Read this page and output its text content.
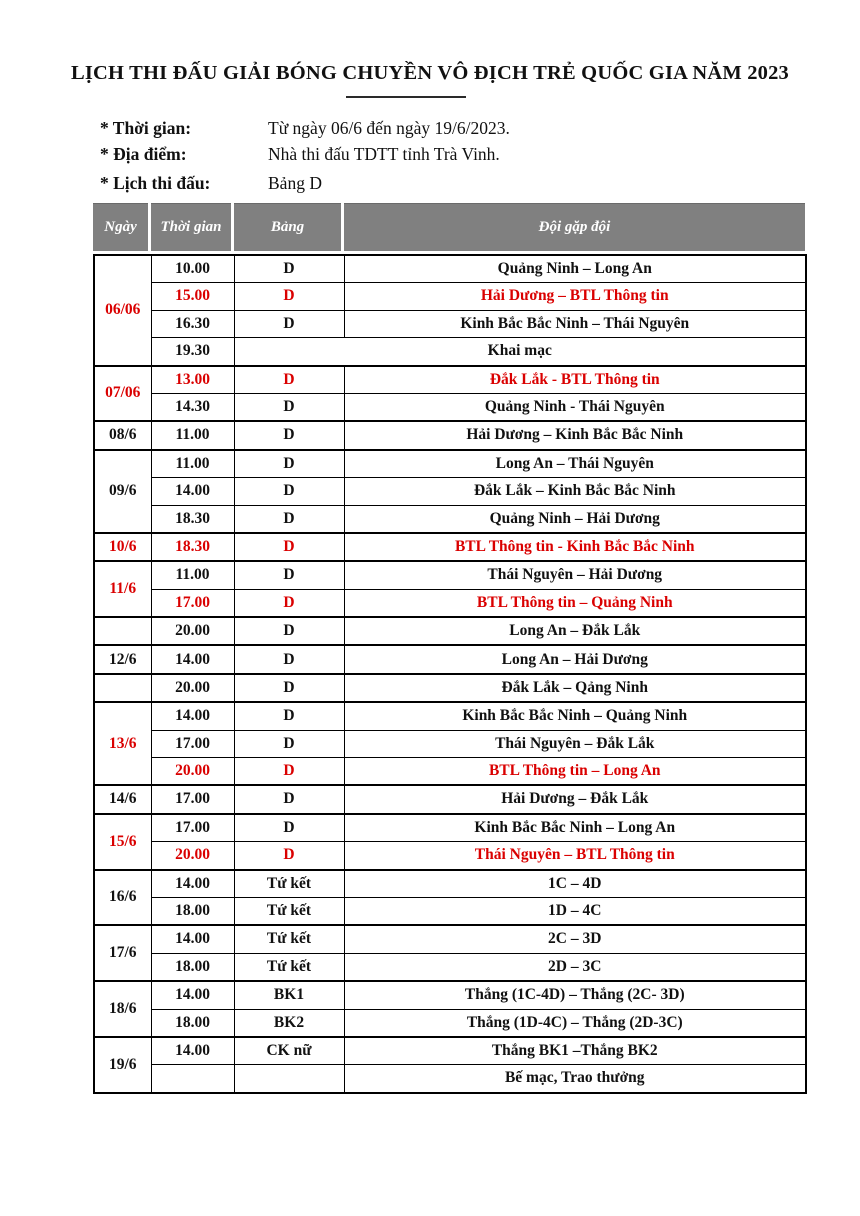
LỊCH THI ĐẤU GIẢI BÓNG CHUYỀN VÔ ĐỊCH TRẺ QUỐC GIA NĂM 2023
* Thời gian:	Từ ngày 06/6 đến ngày 19/6/2023.
* Địa điểm:	Nhà thi đấu TDTT tỉnh Trà Vinh.
* Lịch thi đấu:	Bảng D
Ngày	Thời gian	Bảng	Đội gặp đội
06/06	10.00	D	Quảng Ninh – Long An
	15.00	D	Hải Dương – BTL Thông tin
	16.30	D	Kinh Bắc Bắc Ninh – Thái Nguyên
	19.30	Khai mạc	
07/06	13.00	D	Đắk Lắk - BTL Thông tin
	14.30	D	Quảng Ninh - Thái Nguyên
08/6	11.00	D	Hải Dương – Kinh Bắc Bắc Ninh
09/6	11.00	D	Long An – Thái Nguyên
	14.00	D	Đắk Lắk – Kinh Bắc Bắc Ninh
	18.30	D	Quảng Ninh – Hải Dương
10/6	18.30	D	BTL Thông tin - Kinh Bắc Bắc Ninh
11/6	11.00	D	Thái Nguyên – Hải Dương
	17.00	D	BTL Thông tin – Quảng Ninh
	20.00	D	Long An – Đắk Lắk
12/6	14.00	D	Long An – Hải Dương
	20.00	D	Đắk Lắk – Qảng Ninh
13/6	14.00	D	Kinh Bắc Bắc Ninh – Quảng Ninh
	17.00	D	Thái Nguyên – Đắk Lắk
	20.00	D	BTL Thông tin – Long An
14/6	17.00	D	Hải Dương – Đắk Lắk
15/6	17.00	D	Kinh Bắc Bắc Ninh – Long An
	20.00	D	Thái Nguyên – BTL Thông tin
16/6	14.00	Tứ kết	1C – 4D
	18.00	Tứ kết	1D – 4C
17/6	14.00	Tứ kết	2C – 3D
	18.00	Tứ kết	2D – 3C
18/6	14.00	BK1	Thắng (1C-4D) – Thắng (2C- 3D)
	18.00	BK2	Thắng (1D-4C) – Thắng (2D-3C)
19/6	14.00	CK nữ	Thắng BK1 –Thắng BK2
			Bế mạc, Trao thưởng
